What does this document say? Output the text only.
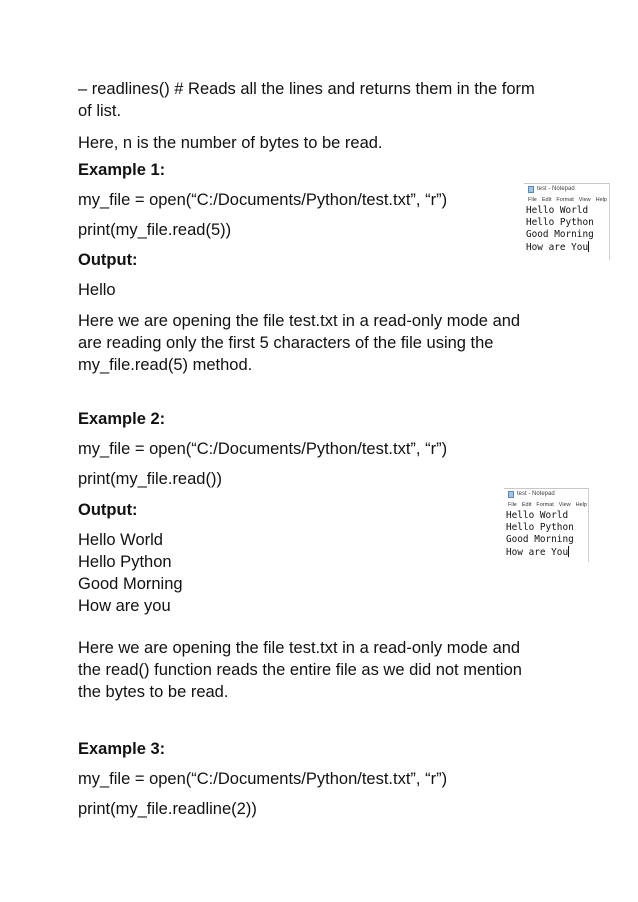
– readlines() # Reads all the lines and returns them in the form

of list.

Here, n is the number of bytes to be read.

Example 1:

my_file = open(“C:/Documents/Python/test.txt”, “r”)

print(my_file.read(5))

Output:

Hello

Here we are opening the file test.txt in a read-only mode and

are reading only the first 5 characters of the file using the

my_file.read(5) method.

test - Notepad
File Edit Format View Help
Hello World
Hello Python
Good Morning
How are You

Example 2:

my_file = open(“C:/Documents/Python/test.txt”, “r”)

print(my_file.read())

Output:

Hello World

Hello Python

Good Morning

How are you

Here we are opening the file test.txt in a read-only mode and

the read() function reads the entire file as we did not mention

the bytes to be read.

test - Notepad
File Edit Format View Help
Hello World
Hello Python
Good Morning
How are You

Example 3:

my_file = open(“C:/Documents/Python/test.txt”, “r”)

print(my_file.readline(2))
